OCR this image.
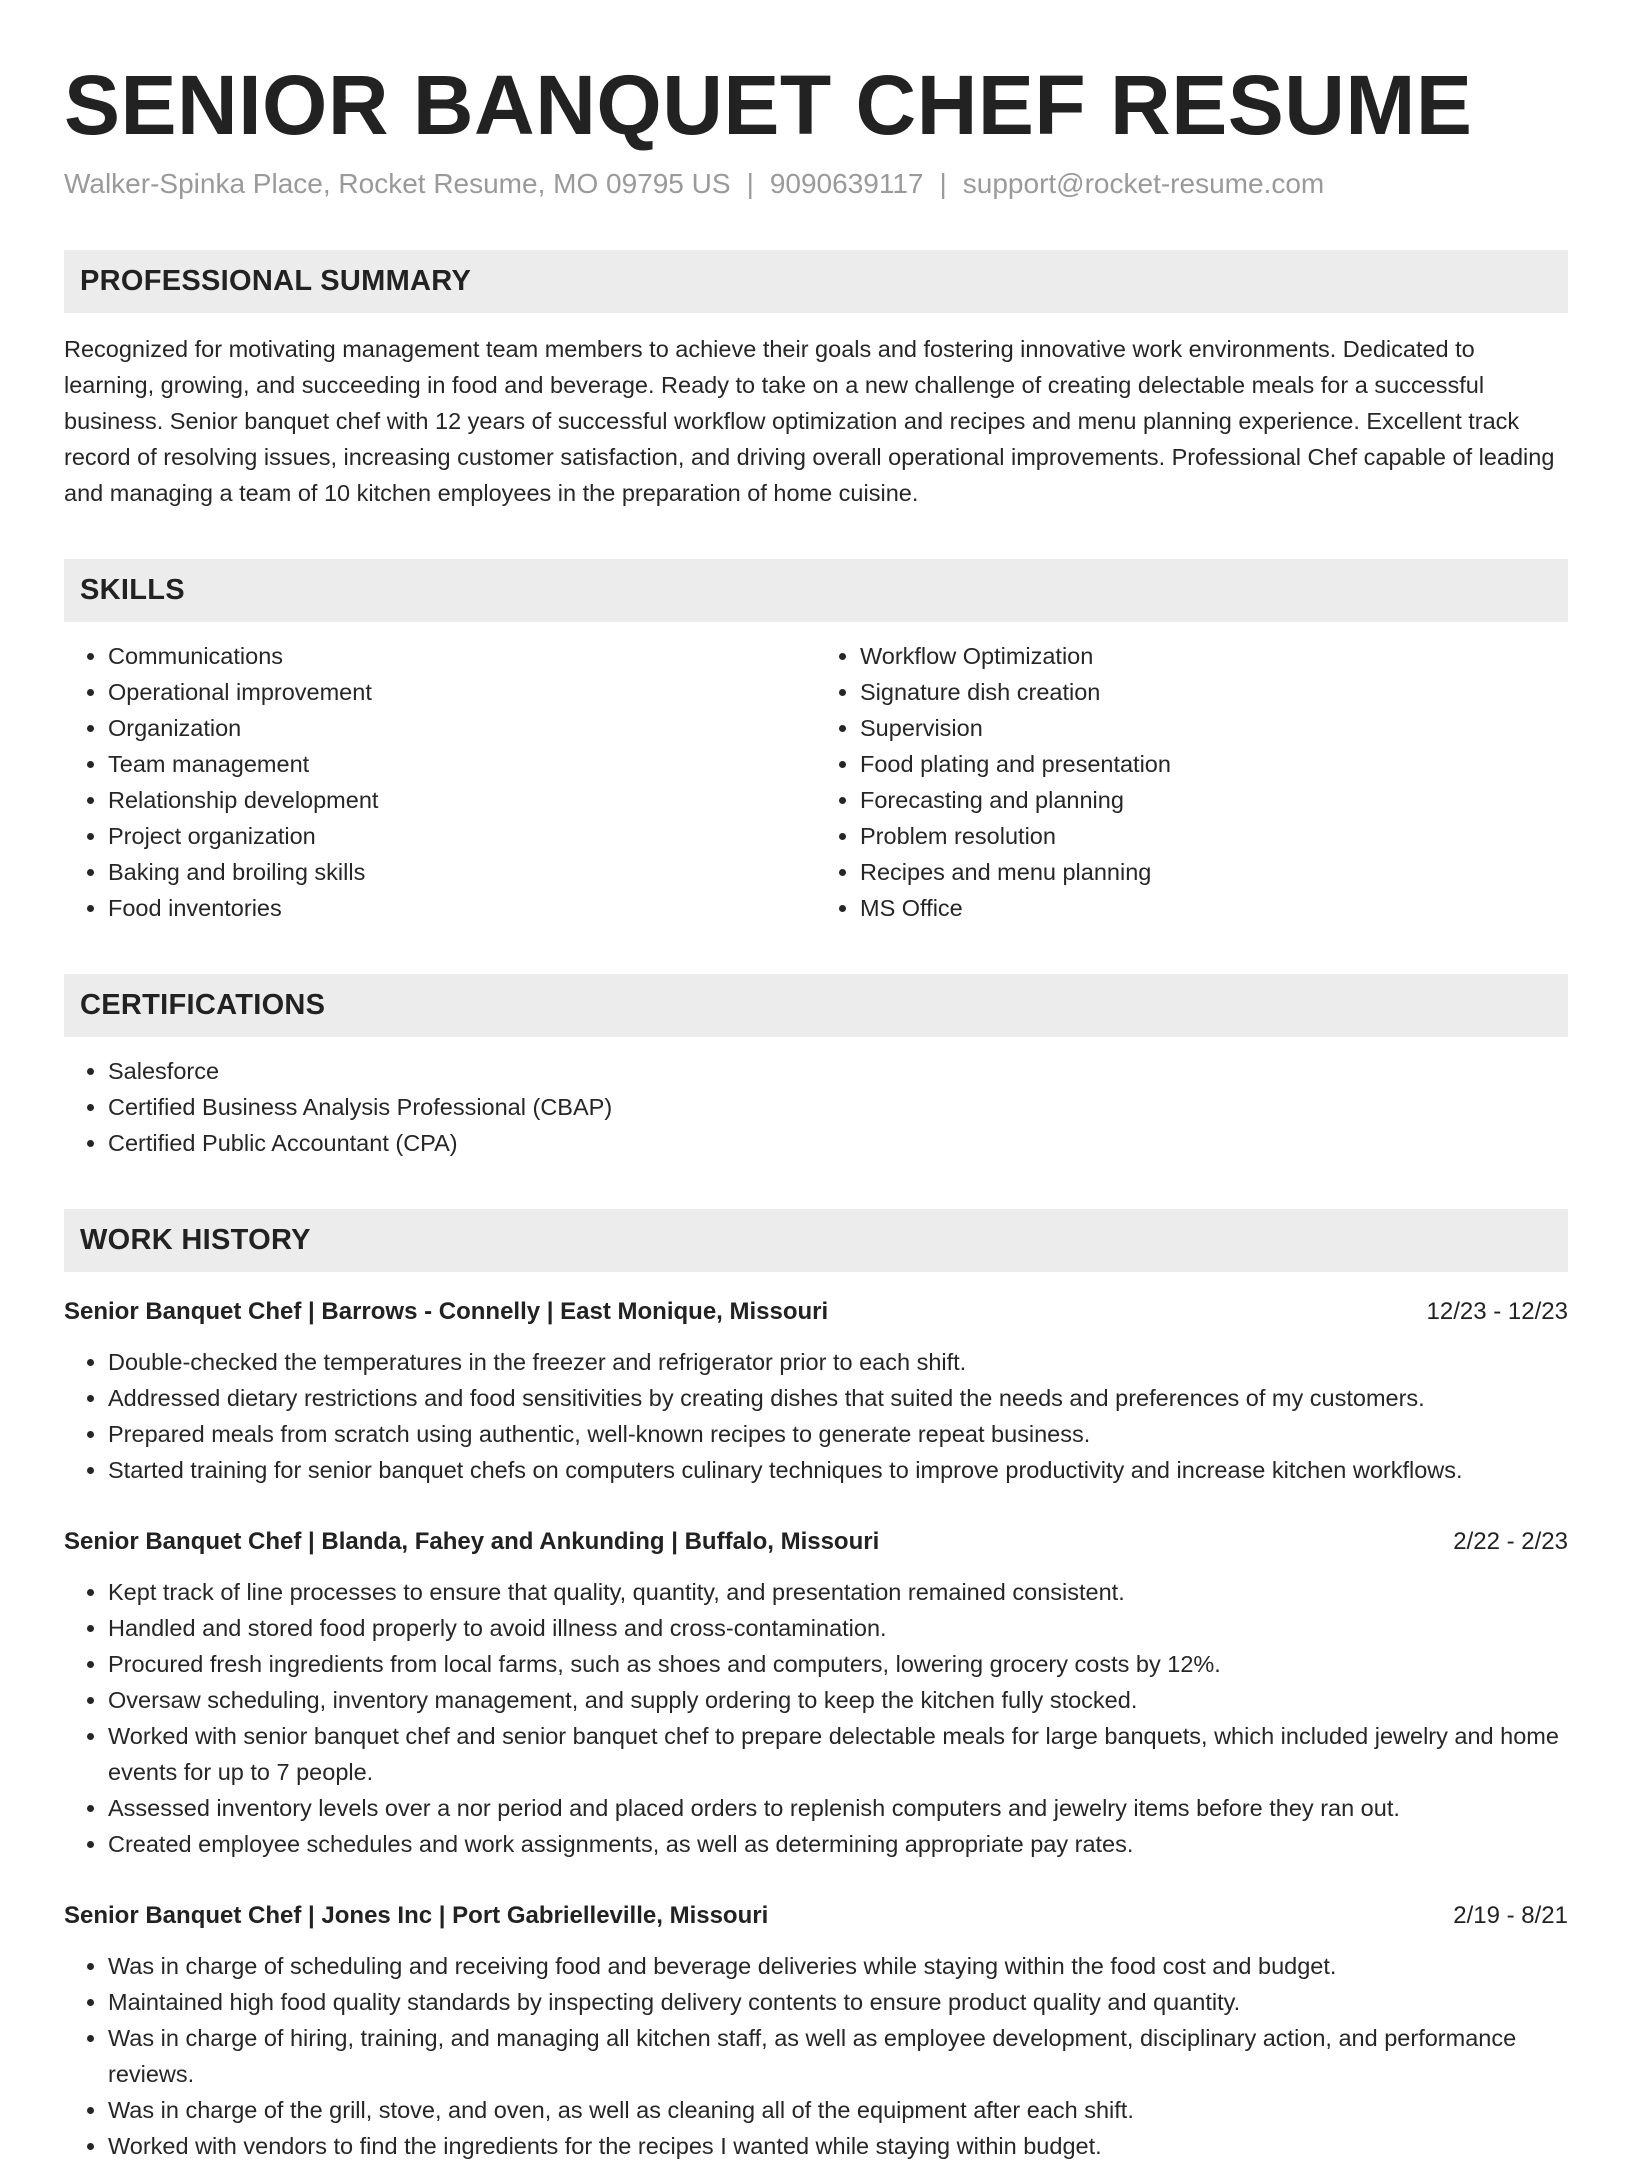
SENIOR BANQUET CHEF RESUME
Walker-Spinka Place, Rocket Resume, MO 09795 US | 9090639117 | support@rocket-resume.com
PROFESSIONAL SUMMARY

Recognized for motivating management team members to achieve their goals and fostering innovative work environments. Dedicated to learning, growing, and succeeding in food and beverage. Ready to take on a new challenge of creating delectable meals for a successful business. Senior banquet chef with 12 years of successful workflow optimization and recipes and menu planning experience. Excellent track record of resolving issues, increasing customer satisfaction, and driving overall operational improvements. Professional Chef capable of leading and managing a team of 10 kitchen employees in the preparation of home cuisine.

SKILLS
• Communications
• Operational improvement
• Organization
• Team management
• Relationship development
• Project organization
• Baking and broiling skills
• Food inventories
• Workflow Optimization
• Signature dish creation
• Supervision
• Food plating and presentation
• Forecasting and planning
• Problem resolution
• Recipes and menu planning
• MS Office
CERTIFICATIONS
• Salesforce
• Certified Business Analysis Professional (CBAP)
• Certified Public Accountant (CPA)
WORK HISTORY
Senior Banquet Chef | Barrows - Connelly | East Monique, Missouri	12/23 - 12/23
• Double-checked the temperatures in the freezer and refrigerator prior to each shift.
• Addressed dietary restrictions and food sensitivities by creating dishes that suited the needs and preferences of my customers.
• Prepared meals from scratch using authentic, well-known recipes to generate repeat business.
• Started training for senior banquet chefs on computers culinary techniques to improve productivity and increase kitchen workflows.
Senior Banquet Chef | Blanda, Fahey and Ankunding | Buffalo, Missouri	2/22 - 2/23
• Kept track of line processes to ensure that quality, quantity, and presentation remained consistent.
• Handled and stored food properly to avoid illness and cross-contamination.
• Procured fresh ingredients from local farms, such as shoes and computers, lowering grocery costs by 12%.
• Oversaw scheduling, inventory management, and supply ordering to keep the kitchen fully stocked.
• Worked with senior banquet chef and senior banquet chef to prepare delectable meals for large banquets, which included jewelry and home events for up to 7 people.
• Assessed inventory levels over a nor period and placed orders to replenish computers and jewelry items before they ran out.
• Created employee schedules and work assignments, as well as determining appropriate pay rates.
Senior Banquet Chef | Jones Inc | Port Gabrielleville, Missouri	2/19 - 8/21
• Was in charge of scheduling and receiving food and beverage deliveries while staying within the food cost and budget.
• Maintained high food quality standards by inspecting delivery contents to ensure product quality and quantity.
• Was in charge of hiring, training, and managing all kitchen staff, as well as employee development, disciplinary action, and performance reviews.
• Was in charge of the grill, stove, and oven, as well as cleaning all of the equipment after each shift.
• Worked with vendors to find the ingredients for the recipes I wanted while staying within budget.
